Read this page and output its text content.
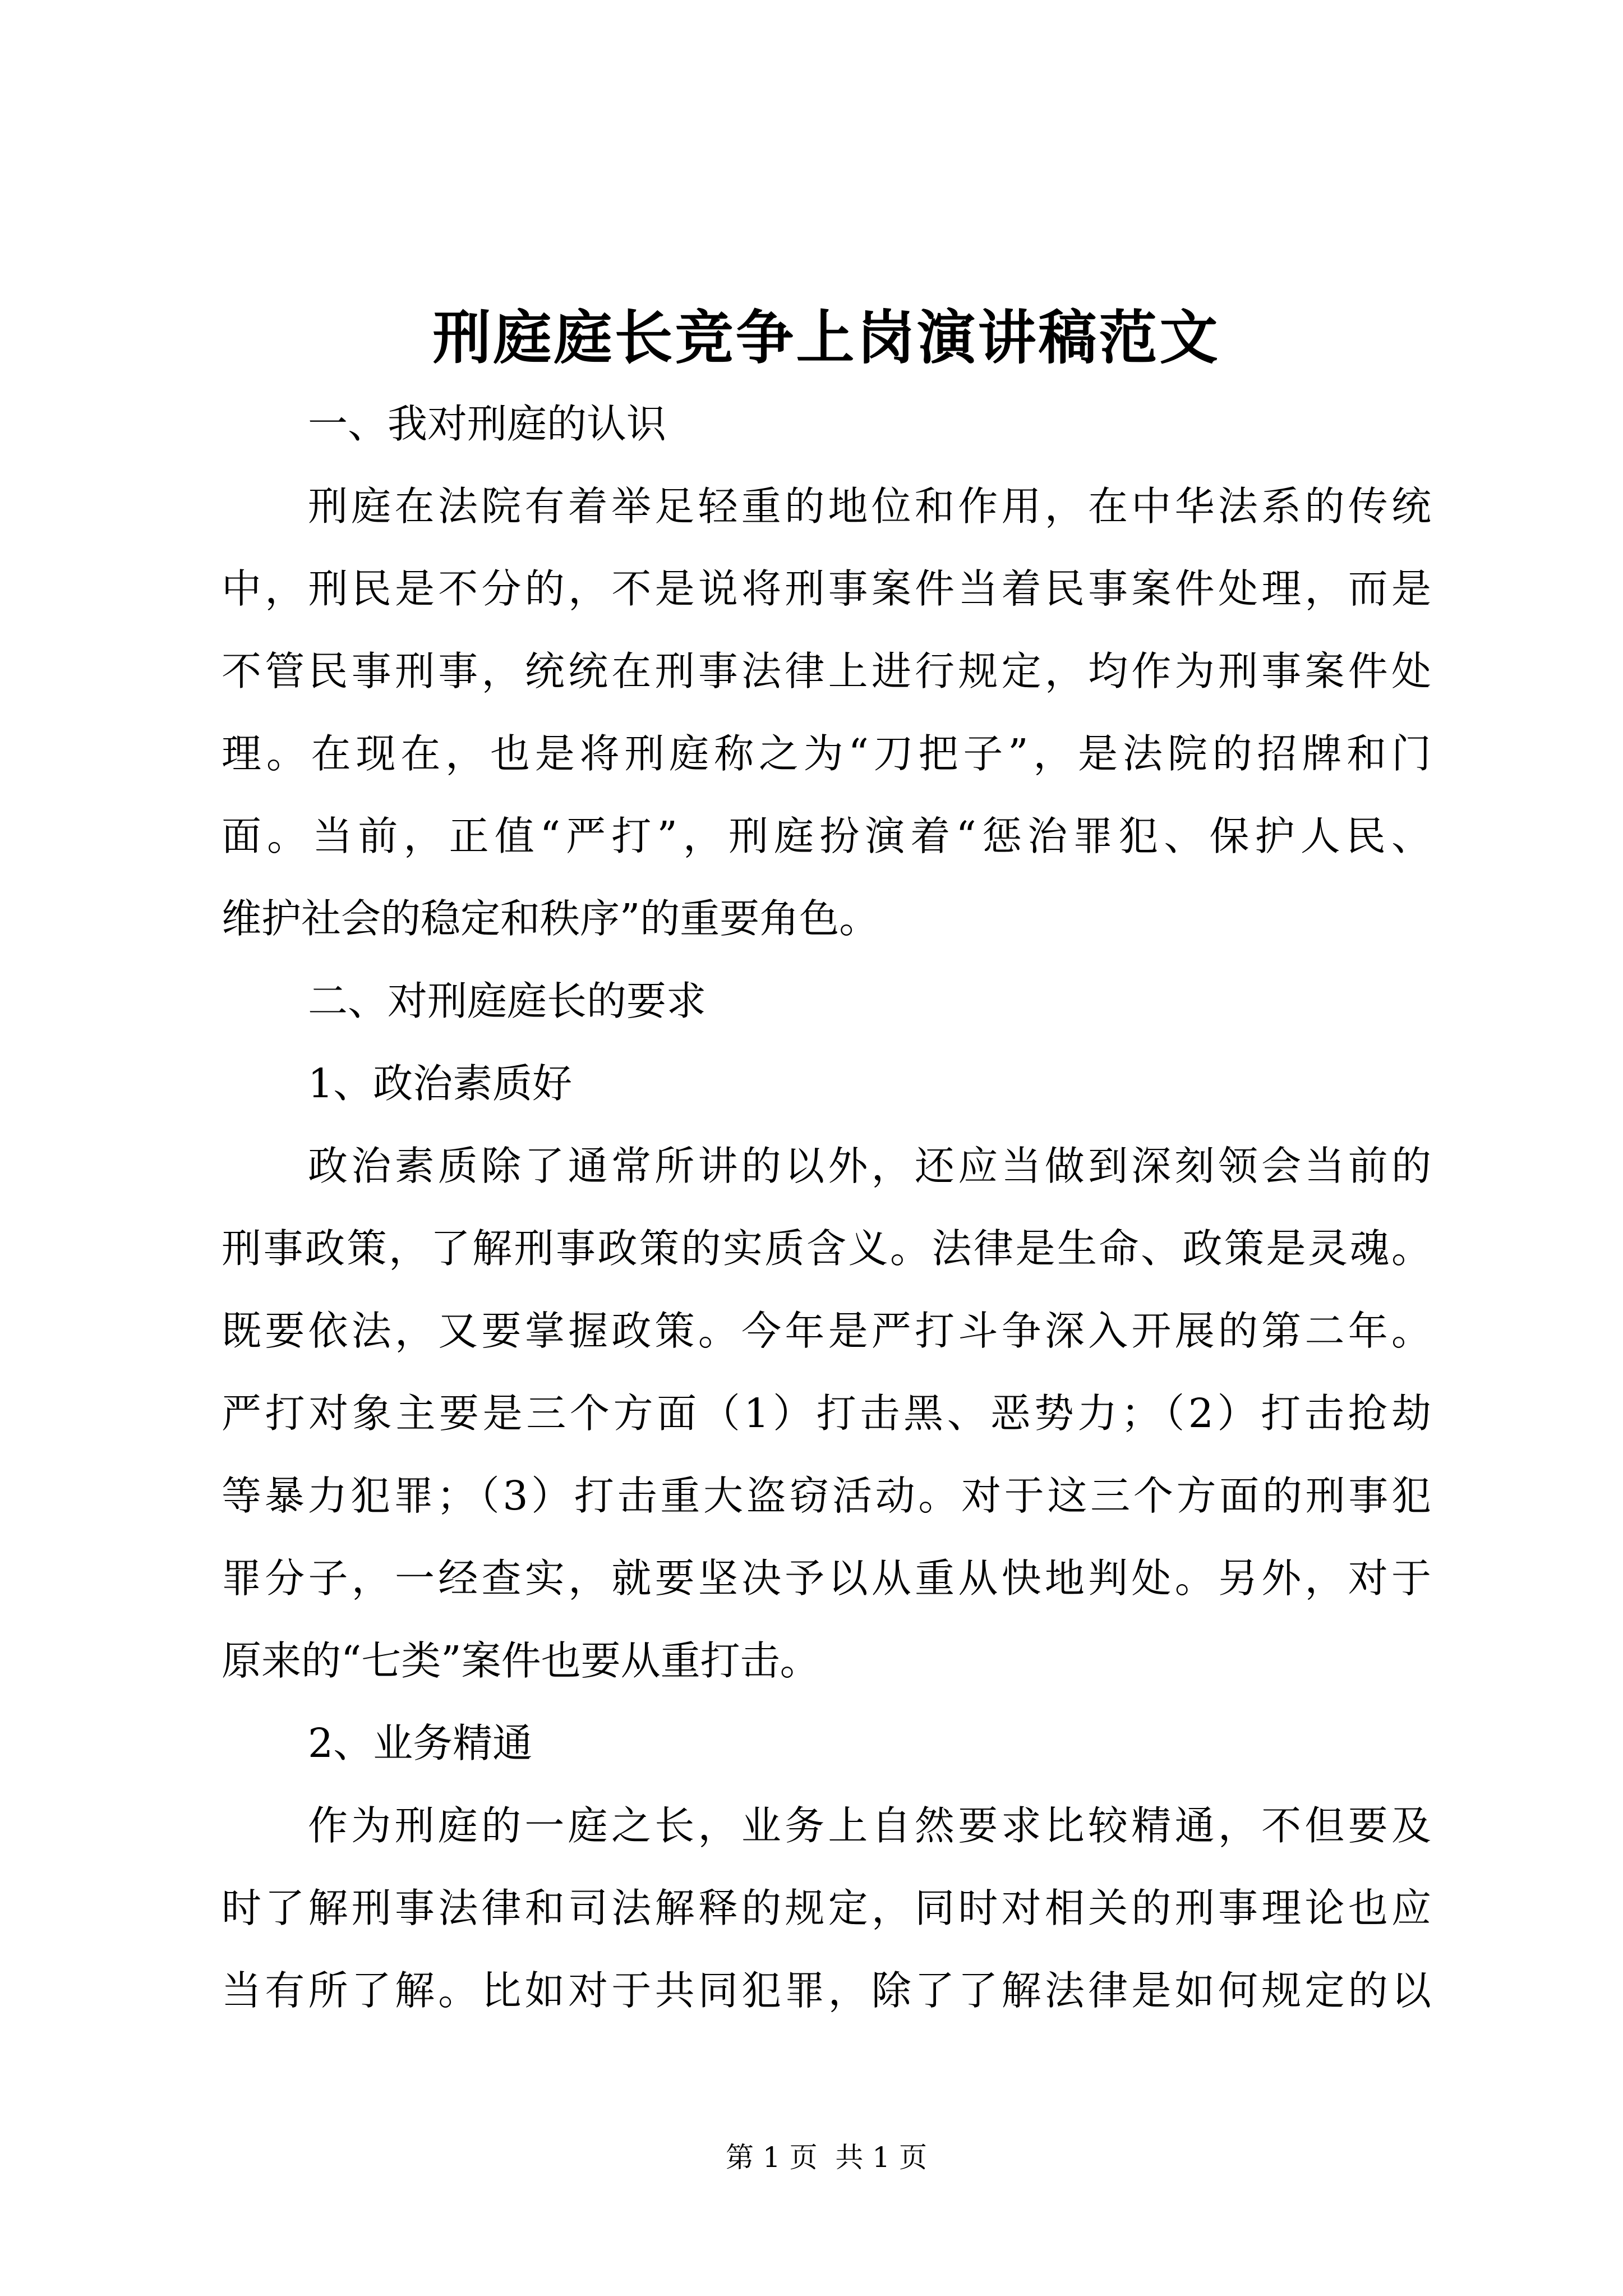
刑庭庭长竞争上岗演讲稿范文
一、我对刑庭的认识
刑庭在法院有着举足轻重的地位和作用，在中华法系的传统
中，刑民是不分的，不是说将刑事案件当着民事案件处理，而是
不管民事刑事，统统在刑事法律上进行规定，均作为刑事案件处
理。在现在，也是将刑庭称之为“刀把子”，是法院的招牌和门
面。当前，正值“严打”，刑庭扮演着“惩治罪犯、保护人民、
维护社会的稳定和秩序”的重要角色。
二、对刑庭庭长的要求
1、政治素质好
政治素质除了通常所讲的以外，还应当做到深刻领会当前的
刑事政策，了解刑事政策的实质含义。法律是生命、政策是灵魂。
既要依法，又要掌握政策。今年是严打斗争深入开展的第二年。
严打对象主要是三个方面（1）打击黑、恶势力；（2）打击抢劫
等暴力犯罪；（3）打击重大盗窃活动。对于这三个方面的刑事犯
罪分子，一经查实，就要坚决予以从重从快地判处。另外，对于
原来的“七类”案件也要从重打击。
2、业务精通
作为刑庭的一庭之长，业务上自然要求比较精通，不但要及
时了解刑事法律和司法解释的规定，同时对相关的刑事理论也应
当有所了解。比如对于共同犯罪，除了了解法律是如何规定的以
第 1 页  共 1 页
